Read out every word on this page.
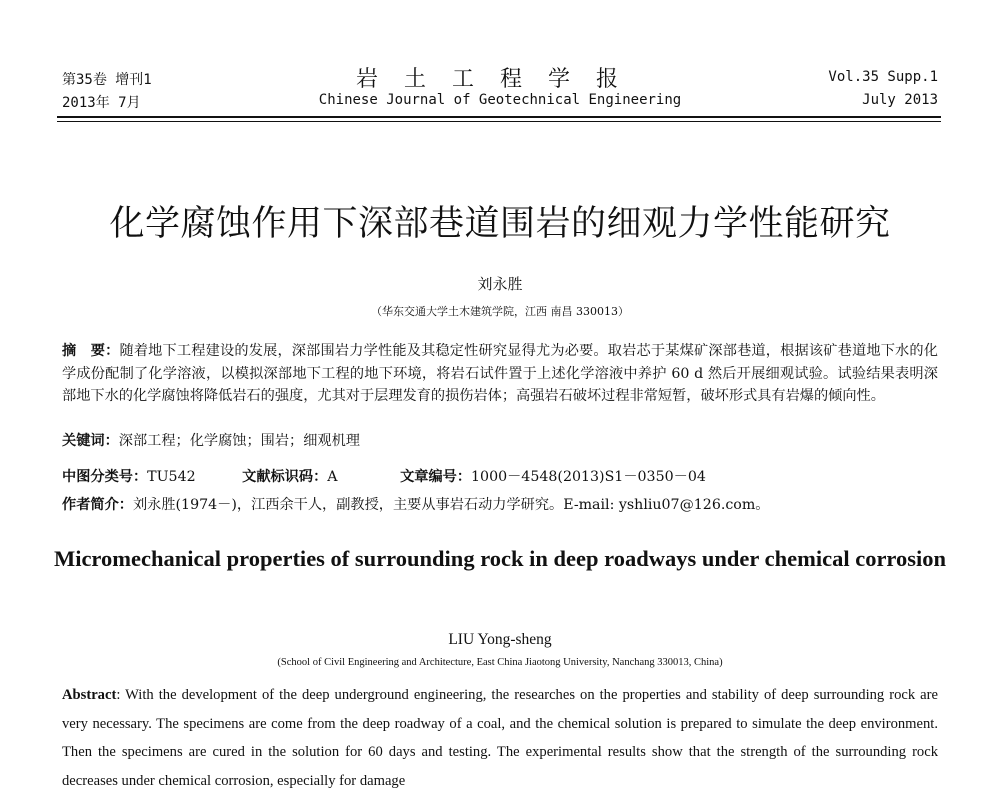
第35卷 增刊1
2013年 7月
岩土工程学报
Chinese Journal of Geotechnical Engineering
Vol.35 Supp.1
July 2013
化学腐蚀作用下深部巷道围岩的细观力学性能研究
刘永胜
（华东交通大学土木建筑学院，江西 南昌 330013）
摘　要：随着地下工程建设的发展，深部围岩力学性能及其稳定性研究显得尤为必要。取岩芯于某煤矿深部巷道，根据该矿巷道地下水的化学成份配制了化学溶液，以模拟深部地下工程的地下环境，将岩石试件置于上述化学溶液中养护 60 d 然后开展细观试验。试验结果表明深部地下水的化学腐蚀将降低岩石的强度，尤其对于层理发育的损伤岩体；高强岩石破坏过程非常短暂，破坏形式具有岩爆的倾向性。
关键词：深部工程；化学腐蚀；围岩；细观机理
中图分类号：TU542	文献标识码：A	文章编号：1000－4548(2013)S1－0350－04
作者简介：刘永胜(1974－)，江西余干人，副教授，主要从事岩石动力学研究。E-mail: yshliu07@126.com。
Micromechanical properties of surrounding rock in deep roadways under chemical corrosion
LIU Yong-sheng
(School of Civil Engineering and Architecture, East China Jiaotong University, Nanchang 330013, China)
Abstract: With the development of the deep underground engineering, the researches on the properties and stability of deep surrounding rock are very necessary. The specimens are come from the deep roadway of a coal, and the chemical solution is prepared to simulate the deep environment. Then the specimens are cured in the solution for 60 days and testing. The experimental results show that the strength of the surrounding rock decreases under chemical corrosion, especially for damage
